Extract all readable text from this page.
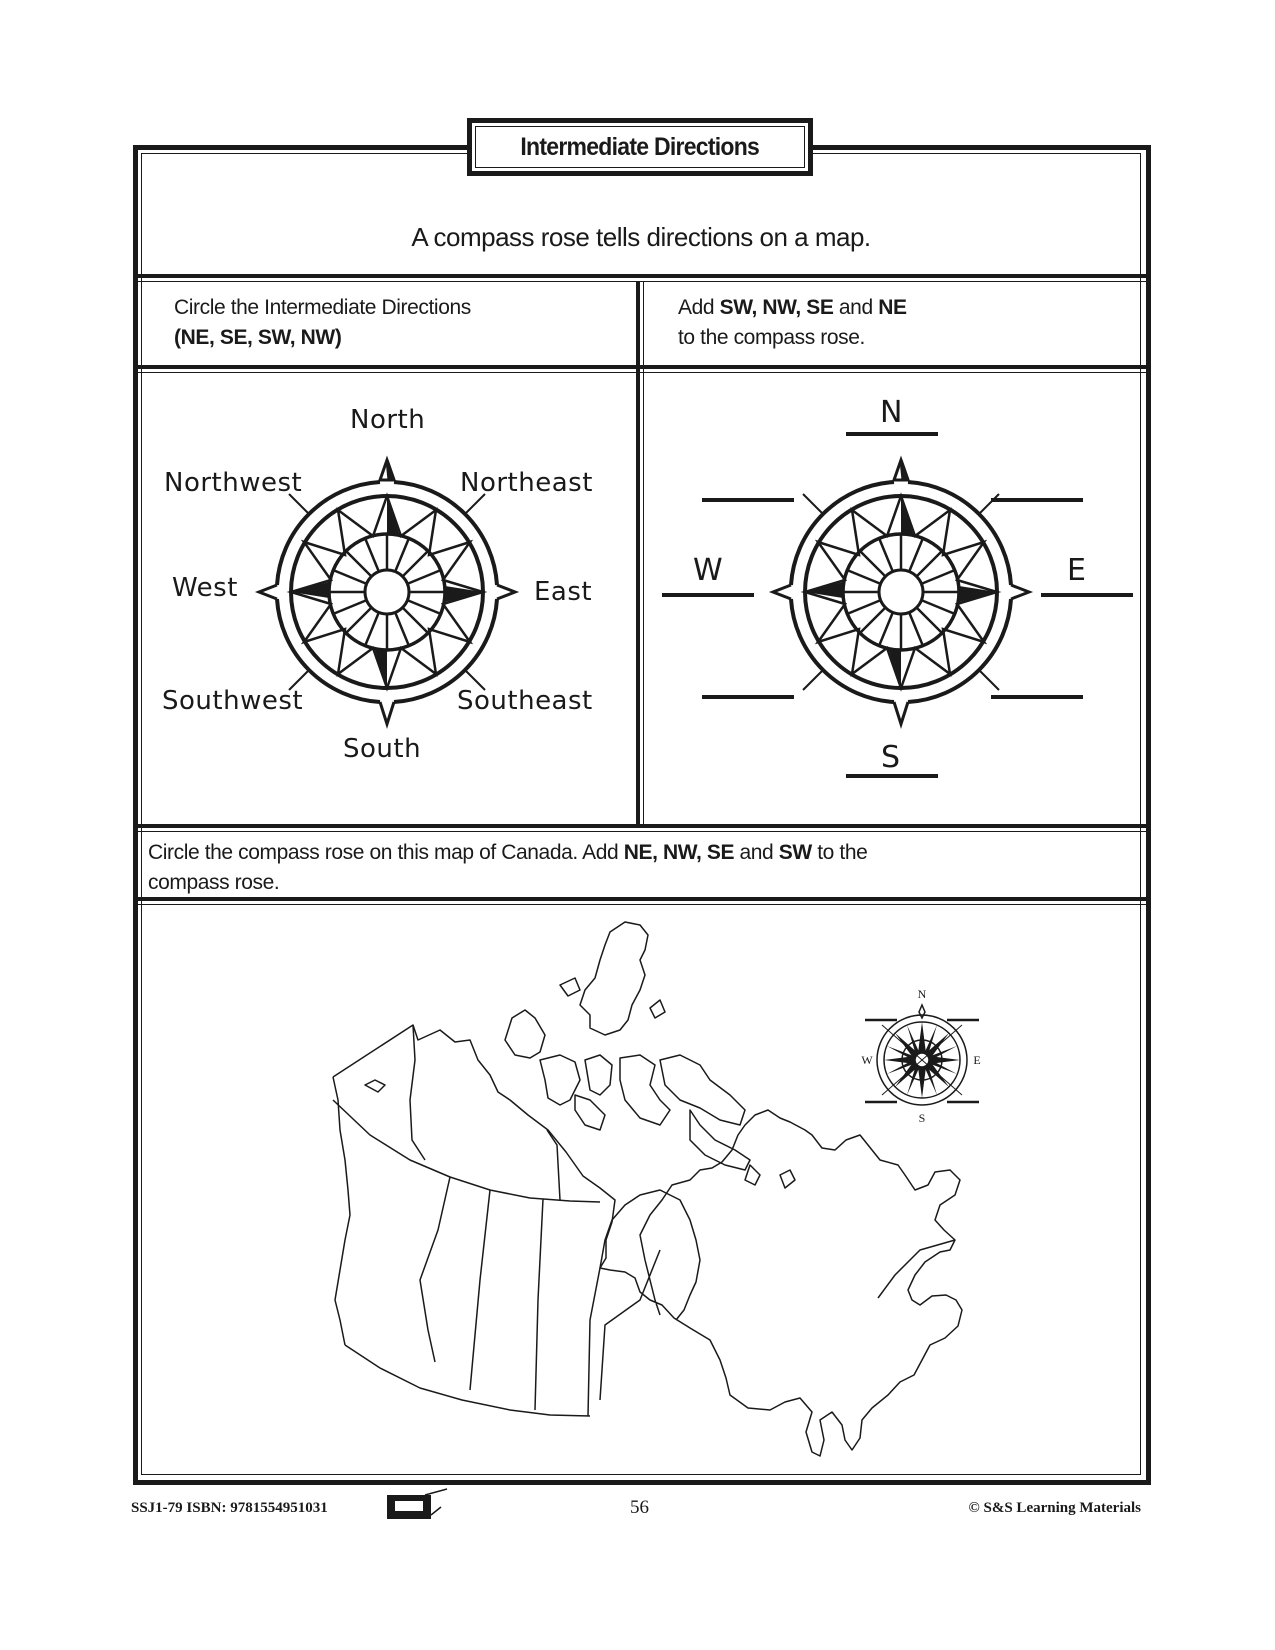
Intermediate Directions
A compass rose tells directions on a map.
Circle the Intermediate Directions
(NE, SE, SW, NW)
Add SW, NW, SE and NE
to the compass rose.
North
Northwest	Northeast
West	East
Southwest	Southeast
South
N
W	E
S
Circle the compass rose on this map of Canada. Add NE, NW, SE and SW to the
compass rose.
N
S
W	E
SSJ1-79 ISBN: 9781554951031	56	© S&S Learning Materials
